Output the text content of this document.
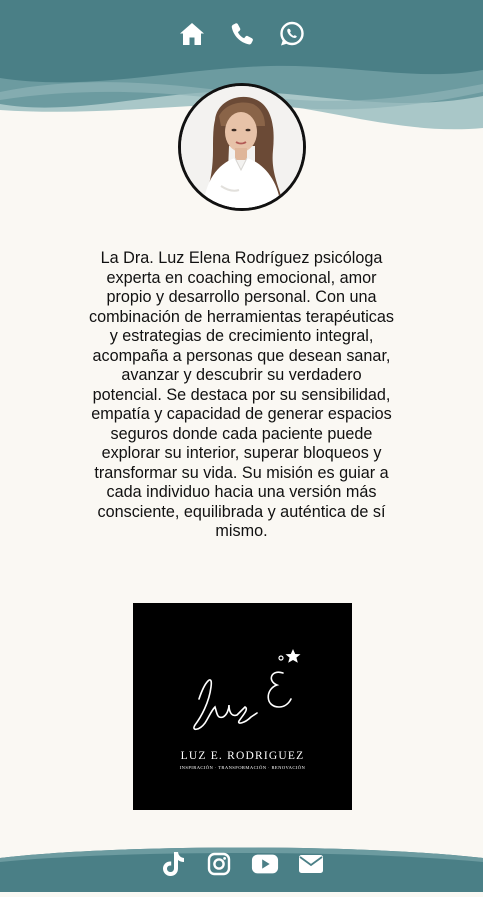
La Dra. Luz Elena Rodríguez psicóloga experta en coaching emocional, amor propio y desarrollo personal. Con una combinación de herramientas terapéuticas y estrategias de crecimiento integral, acompaña a personas que desean sanar, avanzar y descubrir su verdadero potencial. Se destaca por su sensibilidad, empatía y capacidad de generar espacios seguros donde cada paciente puede explorar su interior, superar bloqueos y transformar su vida. Su misión es guiar a cada individuo hacia una versión más consciente, equilibrada y auténtica de sí mismo.

LUZ E. RODRIGUEZ
INSPIRACIÓN · TRANSFORMACIÓN · RENOVACIÓN
